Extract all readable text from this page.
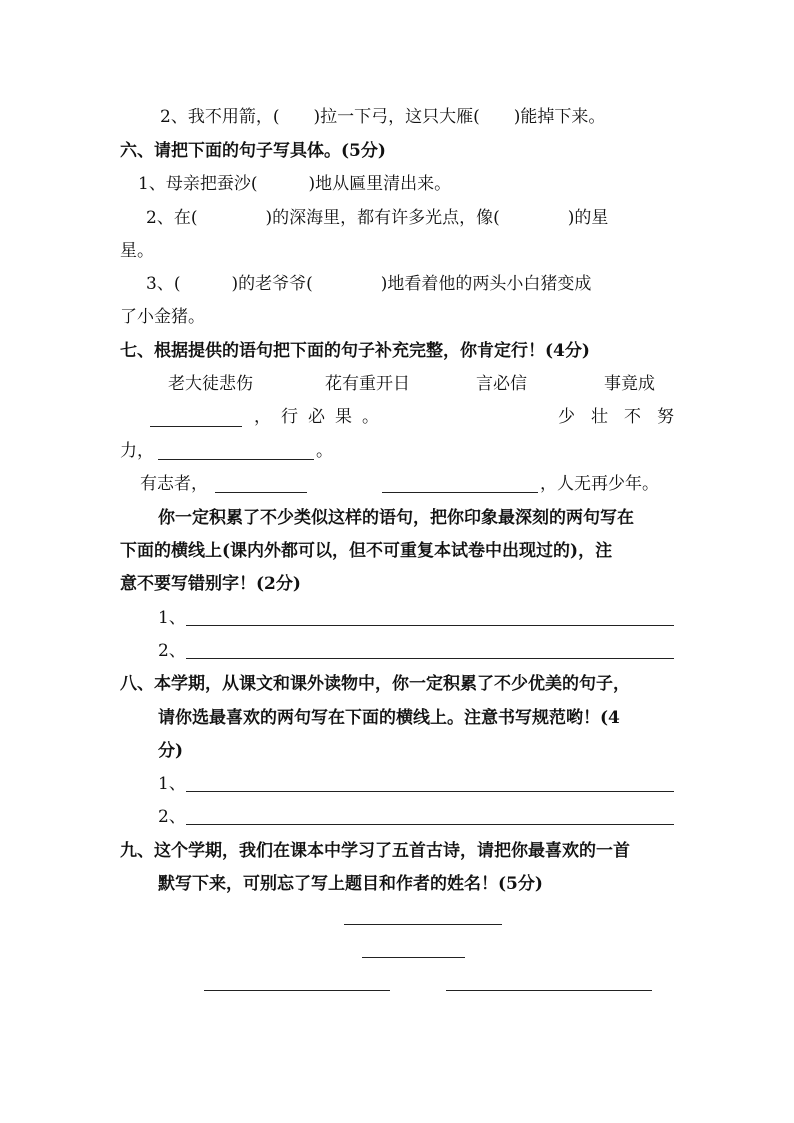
2、我不用箭，(　　)拉一下弓，这只大雁(　　)能掉下来。
六、请把下面的句子写具体。(5分)
1、母亲把蚕沙(　　　)地从匾里清出来。
2、在(　　　　)的深海里，都有许多光点，像(　　　　)的星
星。
3、(　　　)的老爷爷(　　　　)地看着他的两头小白猪变成
了小金猪。
七、根据提供的语句把下面的句子补充完整，你肯定行！(4分)
老大徒悲伤	花有重开日	言必信	事竟成
，行必果。	少 壮 不 努
力，	。
有志者，	，人无再少年。
你一定积累了不少类似这样的语句，把你印象最深刻的两句写在
下面的横线上(课内外都可以，但不可重复本试卷中出现过的)，注
意不要写错别字！(2分)
1、
2、
八、本学期，从课文和课外读物中，你一定积累了不少优美的句子，
请你选最喜欢的两句写在下面的横线上。注意书写规范哟！(4
分)
1、
2、
九、这个学期，我们在课本中学习了五首古诗，请把你最喜欢的一首
默写下来，可别忘了写上题目和作者的姓名！(5分)
